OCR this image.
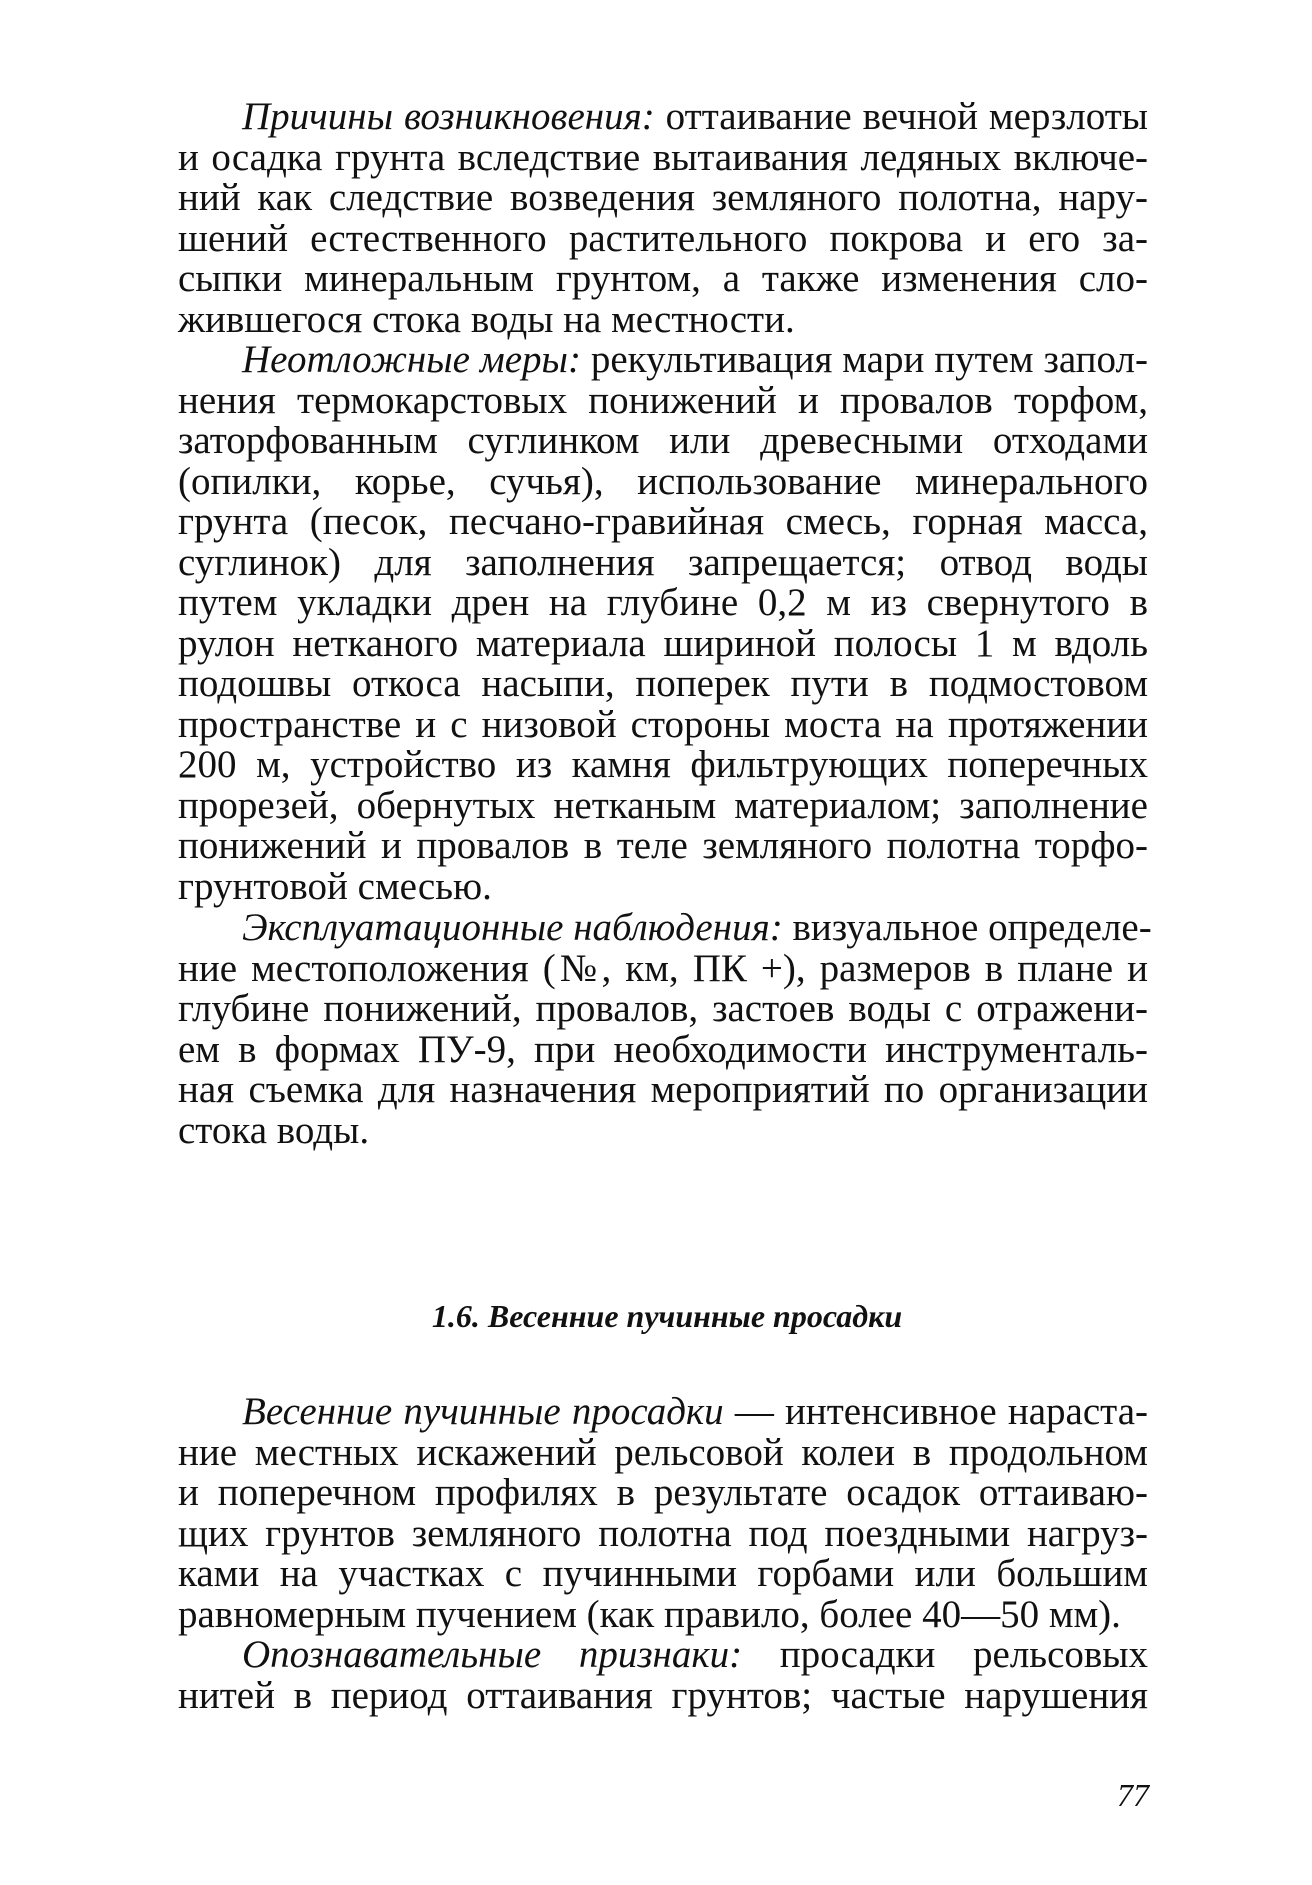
Причины возникновения: оттаивание вечной мерзлоты
и осадка грунта вследствие вытаивания ледяных включе-
ний как следствие возведения земляного полотна, нару-
шений естественного растительного покрова и его за-
сыпки минеральным грунтом, а также изменения сло-
жившегося стока воды на местности.
Неотложные меры: рекультивация мари путем запол-
нения термокарстовых понижений и провалов торфом,
заторфованным суглинком или древесными отходами
(опилки, корье, сучья), использование минерального
грунта (песок, песчано-гравийная смесь, горная масса,
суглинок) для заполнения запрещается; отвод воды
путем укладки дрен на глубине 0,2 м из свернутого в
рулон нетканого материала шириной полосы 1 м вдоль
подошвы откоса насыпи, поперек пути в подмостовом
пространстве и с низовой стороны моста на протяжении
200 м, устройство из камня фильтрующих поперечных
прорезей, обернутых нетканым материалом; заполнение
понижений и провалов в теле земляного полотна торфо-
грунтовой смесью.
Эксплуатационные наблюдения: визуальное определе-
ние местоположения (№, км, ПК +), размеров в плане и
глубине понижений, провалов, застоев воды с отражени-
ем в формах ПУ-9, при необходимости инструменталь-
ная съемка для назначения мероприятий по организации
стока воды.
1.6. Весенние пучинные просадки
Весенние пучинные просадки — интенсивное нараста-
ние местных искажений рельсовой колеи в продольном
и поперечном профилях в результате осадок оттаиваю-
щих грунтов земляного полотна под поездными нагруз-
ками на участках с пучинными горбами или большим
равномерным пучением (как правило, более 40—50 мм).
Опознавательные признаки: просадки рельсовых
нитей в период оттаивания грунтов; частые нарушения
77
